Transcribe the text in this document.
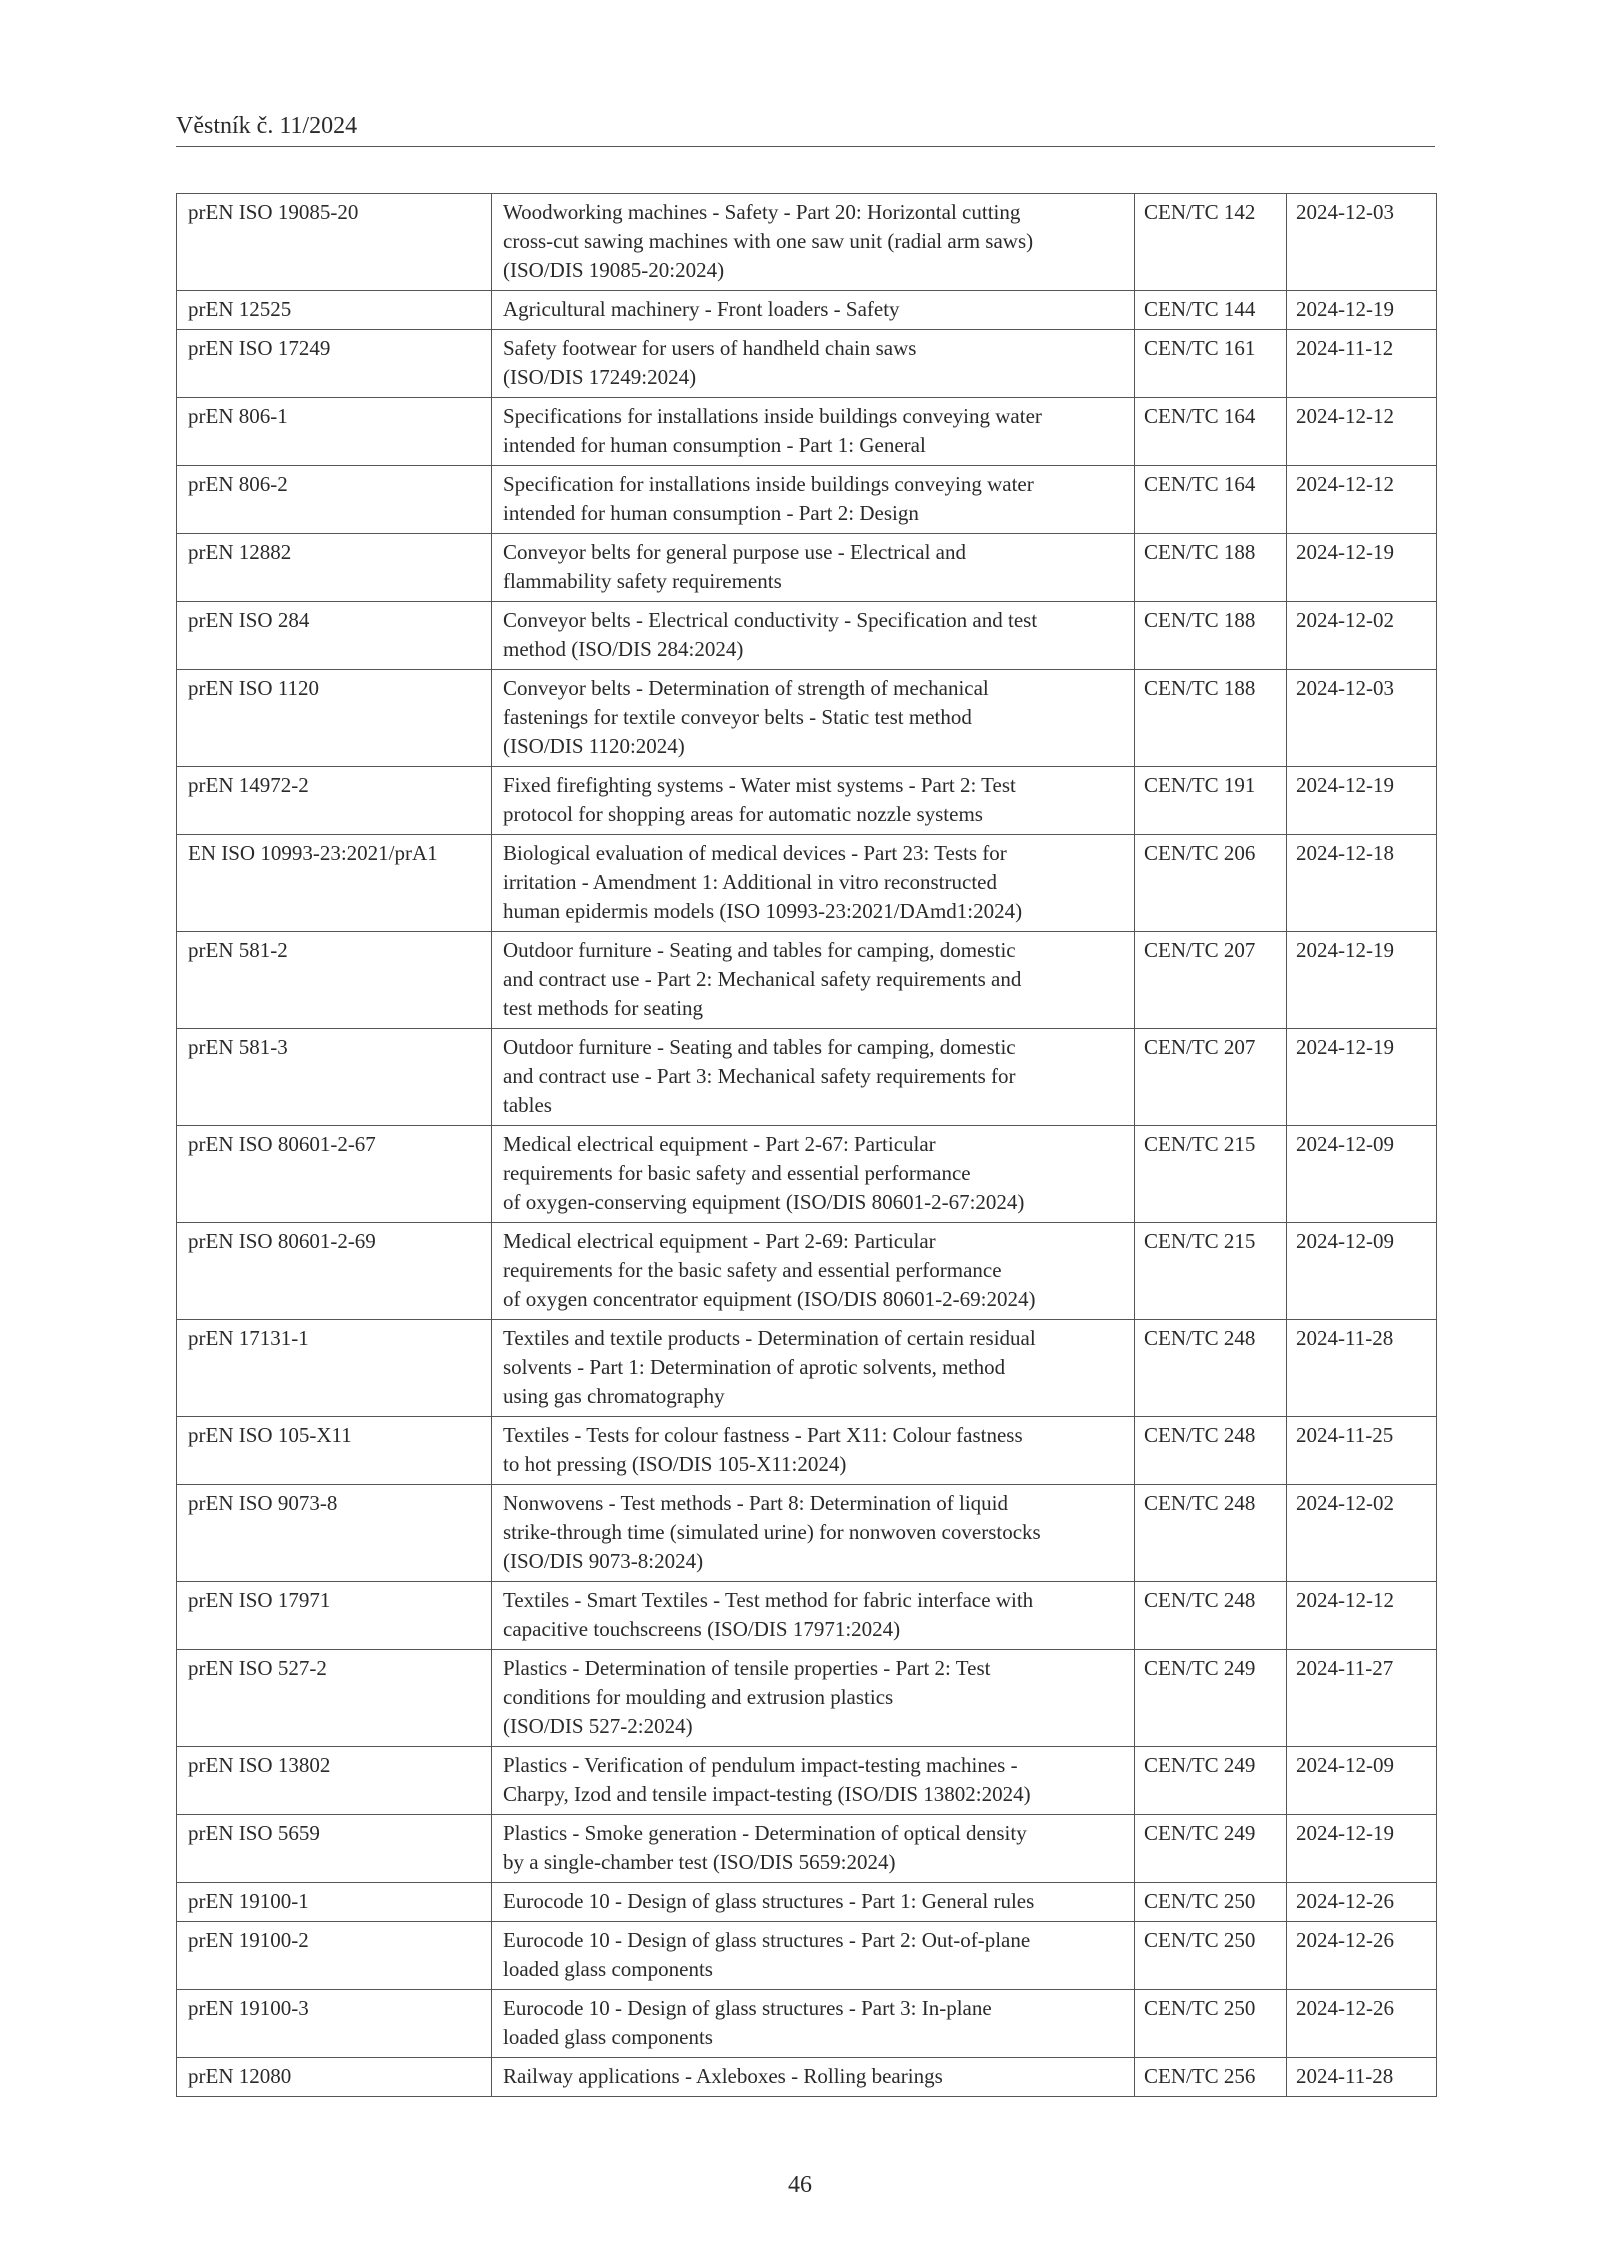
Věstník č. 11/2024
prEN ISO 19085-20	Woodworking machines - Safety - Part 20: Horizontal cutting
cross-cut sawing machines with one saw unit (radial arm saws)
(ISO/DIS 19085-20:2024)	CEN/TC 142	2024-12-03
prEN 12525	Agricultural machinery - Front loaders - Safety	CEN/TC 144	2024-12-19
prEN ISO 17249	Safety footwear for users of handheld chain saws
(ISO/DIS 17249:2024)	CEN/TC 161	2024-11-12
prEN 806-1	Specifications for installations inside buildings conveying water
intended for human consumption - Part 1: General	CEN/TC 164	2024-12-12
prEN 806-2	Specification for installations inside buildings conveying water
intended for human consumption - Part 2: Design	CEN/TC 164	2024-12-12
prEN 12882	Conveyor belts for general purpose use - Electrical and
flammability safety requirements	CEN/TC 188	2024-12-19
prEN ISO 284	Conveyor belts - Electrical conductivity - Specification and test
method (ISO/DIS 284:2024)	CEN/TC 188	2024-12-02
prEN ISO 1120	Conveyor belts - Determination of strength of mechanical
fastenings for textile conveyor belts - Static test method
(ISO/DIS 1120:2024)	CEN/TC 188	2024-12-03
prEN 14972-2	Fixed firefighting systems - Water mist systems - Part 2: Test
protocol for shopping areas for automatic nozzle systems	CEN/TC 191	2024-12-19
EN ISO 10993-23:2021/prA1	Biological evaluation of medical devices - Part 23: Tests for
irritation - Amendment 1: Additional in vitro reconstructed
human epidermis models (ISO 10993-23:2021/DAmd1:2024)	CEN/TC 206	2024-12-18
prEN 581-2	Outdoor furniture - Seating and tables for camping, domestic
and contract use - Part 2: Mechanical safety requirements and
test methods for seating	CEN/TC 207	2024-12-19
prEN 581-3	Outdoor furniture - Seating and tables for camping, domestic
and contract use - Part 3: Mechanical safety requirements for
tables	CEN/TC 207	2024-12-19
prEN ISO 80601-2-67	Medical electrical equipment - Part 2-67: Particular
requirements for basic safety and essential performance
of oxygen-conserving equipment (ISO/DIS 80601-2-67:2024)	CEN/TC 215	2024-12-09
prEN ISO 80601-2-69	Medical electrical equipment - Part 2-69: Particular
requirements for the basic safety and essential performance
of oxygen concentrator equipment (ISO/DIS 80601-2-69:2024)	CEN/TC 215	2024-12-09
prEN 17131-1	Textiles and textile products - Determination of certain residual
solvents - Part 1: Determination of aprotic solvents, method
using gas chromatography	CEN/TC 248	2024-11-28
prEN ISO 105-X11	Textiles - Tests for colour fastness - Part X11: Colour fastness
to hot pressing (ISO/DIS 105-X11:2024)	CEN/TC 248	2024-11-25
prEN ISO 9073-8	Nonwovens - Test methods - Part 8: Determination of liquid
strike-through time (simulated urine) for nonwoven coverstocks
(ISO/DIS 9073-8:2024)	CEN/TC 248	2024-12-02
prEN ISO 17971	Textiles - Smart Textiles - Test method for fabric interface with
capacitive touchscreens (ISO/DIS 17971:2024)	CEN/TC 248	2024-12-12
prEN ISO 527-2	Plastics - Determination of tensile properties - Part 2: Test
conditions for moulding and extrusion plastics
(ISO/DIS 527-2:2024)	CEN/TC 249	2024-11-27
prEN ISO 13802	Plastics - Verification of pendulum impact-testing machines -
Charpy, Izod and tensile impact-testing (ISO/DIS 13802:2024)	CEN/TC 249	2024-12-09
prEN ISO 5659	Plastics - Smoke generation - Determination of optical density
by a single-chamber test (ISO/DIS 5659:2024)	CEN/TC 249	2024-12-19
prEN 19100-1	Eurocode 10 - Design of glass structures - Part 1: General rules	CEN/TC 250	2024-12-26
prEN 19100-2	Eurocode 10 - Design of glass structures - Part 2: Out-of-plane
loaded glass components	CEN/TC 250	2024-12-26
prEN 19100-3	Eurocode 10 - Design of glass structures - Part 3: In-plane
loaded glass components	CEN/TC 250	2024-12-26
prEN 12080	Railway applications - Axleboxes - Rolling bearings	CEN/TC 256	2024-11-28
46
